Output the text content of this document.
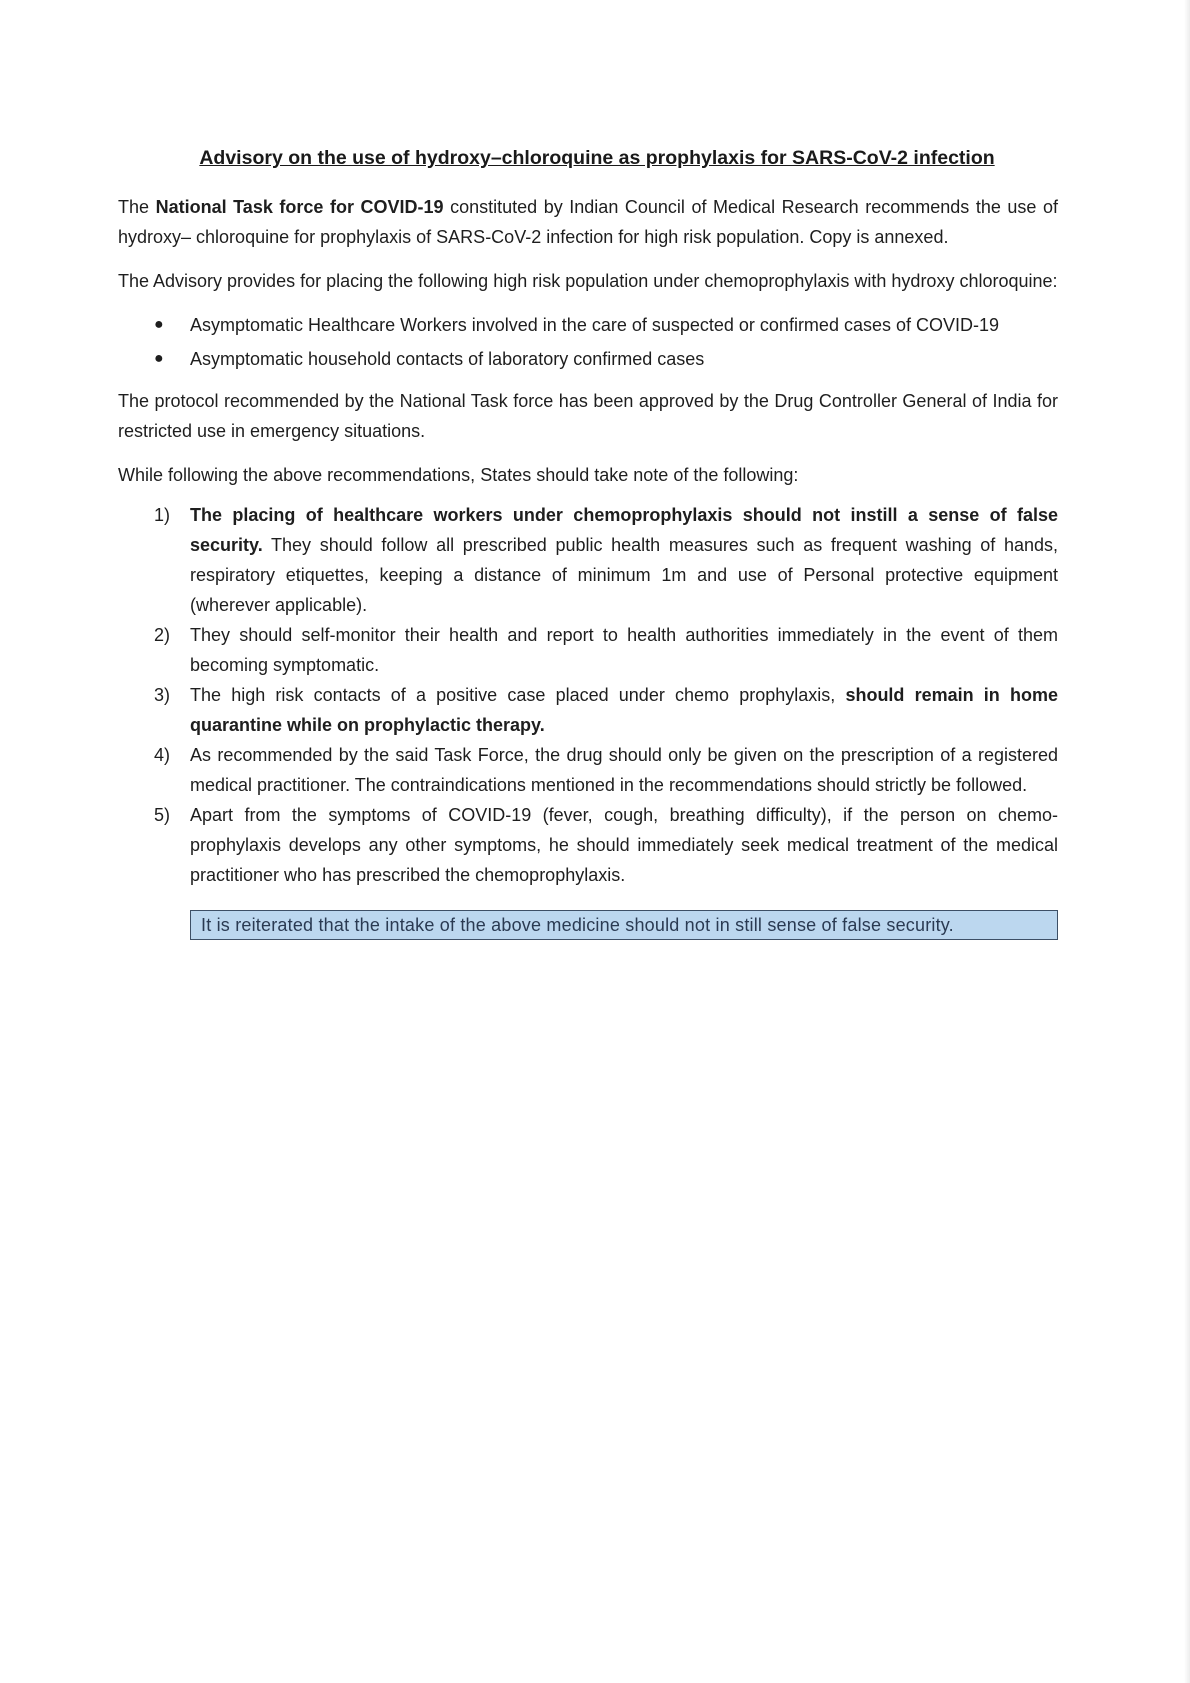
Advisory on the use of hydroxy–chloroquine as prophylaxis for SARS-CoV-2 infection

The National Task force for COVID-19 constituted by Indian Council of Medical Research recommends the use of hydroxy– chloroquine for prophylaxis of SARS-CoV-2 infection for high risk population. Copy is annexed.

The Advisory provides for placing the following high risk population under chemoprophylaxis with hydroxy chloroquine:

● Asymptomatic Healthcare Workers involved in the care of suspected or confirmed cases of COVID-19
● Asymptomatic household contacts of laboratory confirmed cases

The protocol recommended by the National Task force has been approved by the Drug Controller General of India for restricted use in emergency situations.

While following the above recommendations, States should take note of the following:

1) The placing of healthcare workers under chemoprophylaxis should not instill a sense of false security. They should follow all prescribed public health measures such as frequent washing of hands, respiratory etiquettes, keeping a distance of minimum 1m and use of Personal protective equipment (wherever applicable).
2) They should self-monitor their health and report to health authorities immediately in the event of them becoming symptomatic.
3) The high risk contacts of a positive case placed under chemo prophylaxis, should remain in home quarantine while on prophylactic therapy.
4) As recommended by the said Task Force, the drug should only be given on the prescription of a registered medical practitioner. The contraindications mentioned in the recommendations should strictly be followed.
5) Apart from the symptoms of COVID-19 (fever, cough, breathing difficulty), if the person on chemo-prophylaxis develops any other symptoms, he should immediately seek medical treatment of the medical practitioner who has prescribed the chemoprophylaxis.
It is reiterated that the intake of the above medicine should not in still sense of false security.
